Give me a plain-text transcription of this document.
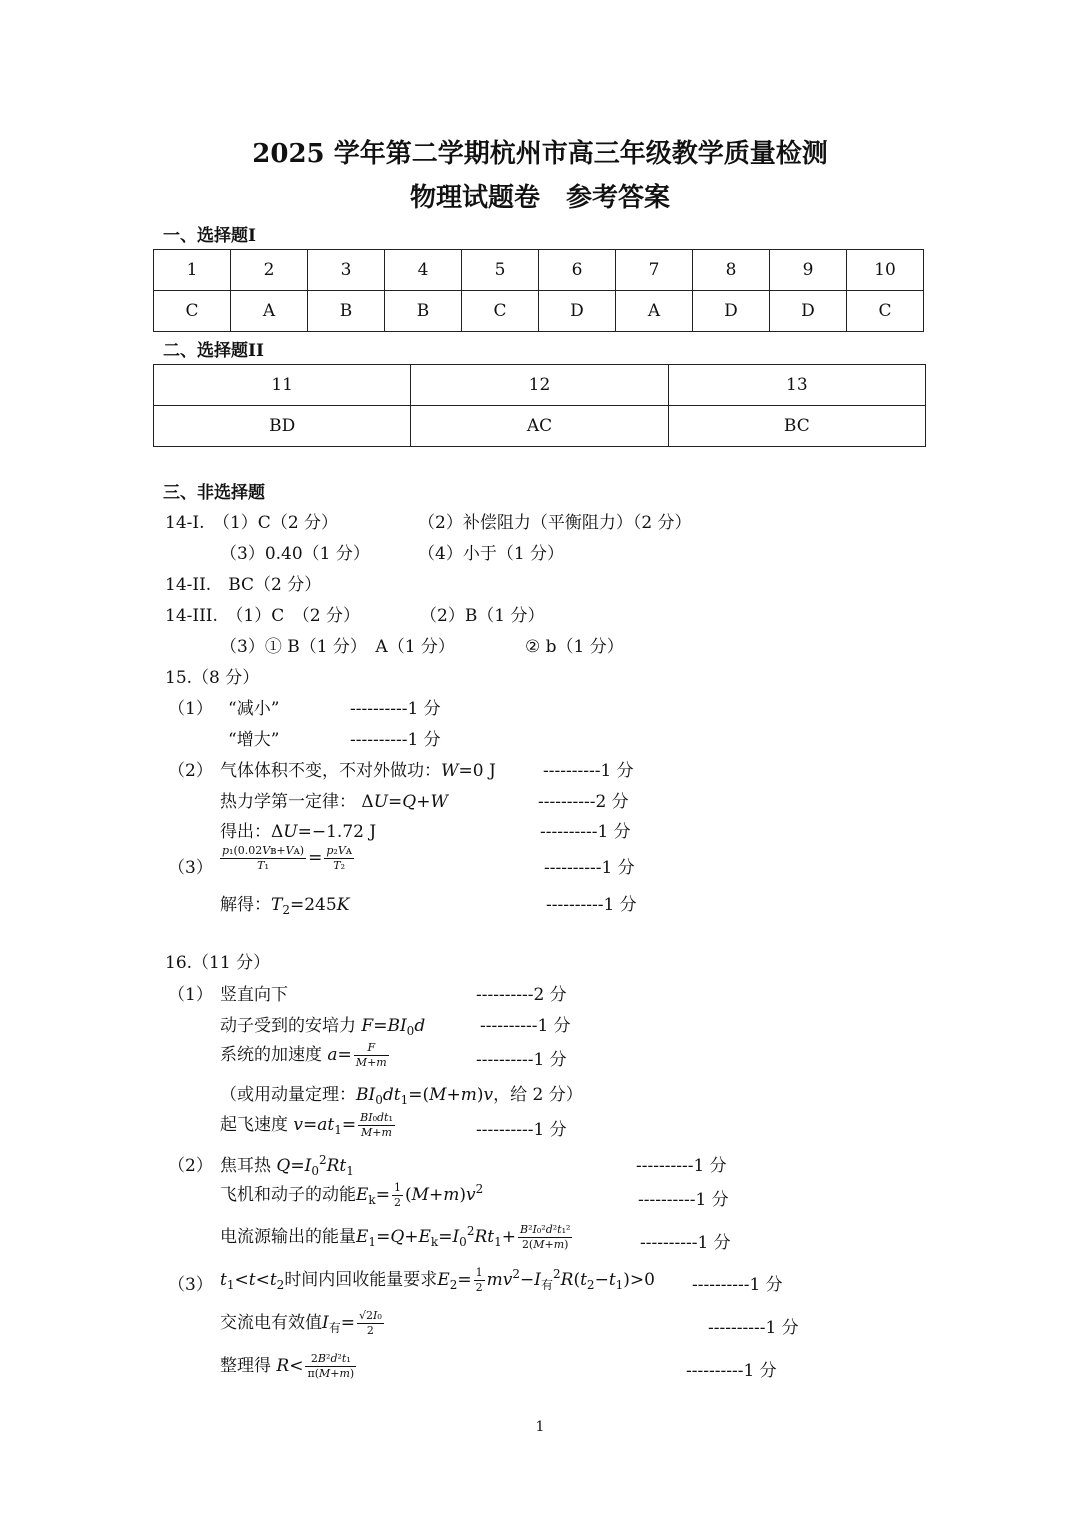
2025 学年第二学期杭州市高三年级教学质量检测
物理试题卷　参考答案
一、选择题Ⅰ
1	2	3	4	5	6	7	8	9	10
C	A	B	B	C	D	A	D	D	C
二、选择题II
11	12	13
BD	AC	BC
三、非选择题
14-I.　（1）C（2 分）	（2）补偿阻力（平衡阻力）（2 分）
（3）0.40（1 分）	（4）小于（1 分）
14-II.　BC（2 分）
14-III.　（1）C　（2 分）	（2）B（1 分）
（3）① B（1 分）　A（1 分）	② b（1 分）
15.（8 分）
（1） “减小”	----------1 分
“增大”	----------1 分
（2） 气体体积不变，不对外做功：W=0 J	----------1 分
热力学第一定律： ΔU=Q+W	----------2 分
得出：ΔU=−1.72 J	----------1 分
$(3) \frac{\text{p₁(0.02Vʙ+Vᴀ)}}{\text{T₁}} = \frac{\text{p₂Vᴀ}}{\text{T₂}}$	----------1 分
解得：$T_2=245K$	----------1 分
16.（11 分）
（1） 竖直向下	----------2 分
动子受到的安培力 $F=BI_0d$	----------1 分
系统的加速度 $a= \frac{F}{M+m}$	----------1 分
（或用动量定理：$BI_0dt_1=(M+m)v$，给 2 分）
起飞速度 $v=at_1= \frac{\text{BI₀dt₁}}{M+m}$	----------1 分
（2） 焦耳热 $Q=I_0^2Rt_1$	----------1 分
飞机和动子的动能$E_k= \frac{1}{2} (M+m)v^2$
----------1 分
电流源输出的能量$E_1=Q+E_k=I_0^2Rt_1+ \frac{\text{B²I₀²d²t₁²}}{2(M+m)}$	----------1 分
（3） $t_1<t<t_2$时间内回收能量要求$E_2= \frac{1}{2} mv^2-I_有^2R(t_2-t_1)>0$ ----------1 分
交流电有效值$I_有= \frac{\text{√2I₀}}{2}$	----------1 分
整理得 $R< \frac{\text{2B²d²t₁}}{\pi(M+m)}$	----------1 分
1
